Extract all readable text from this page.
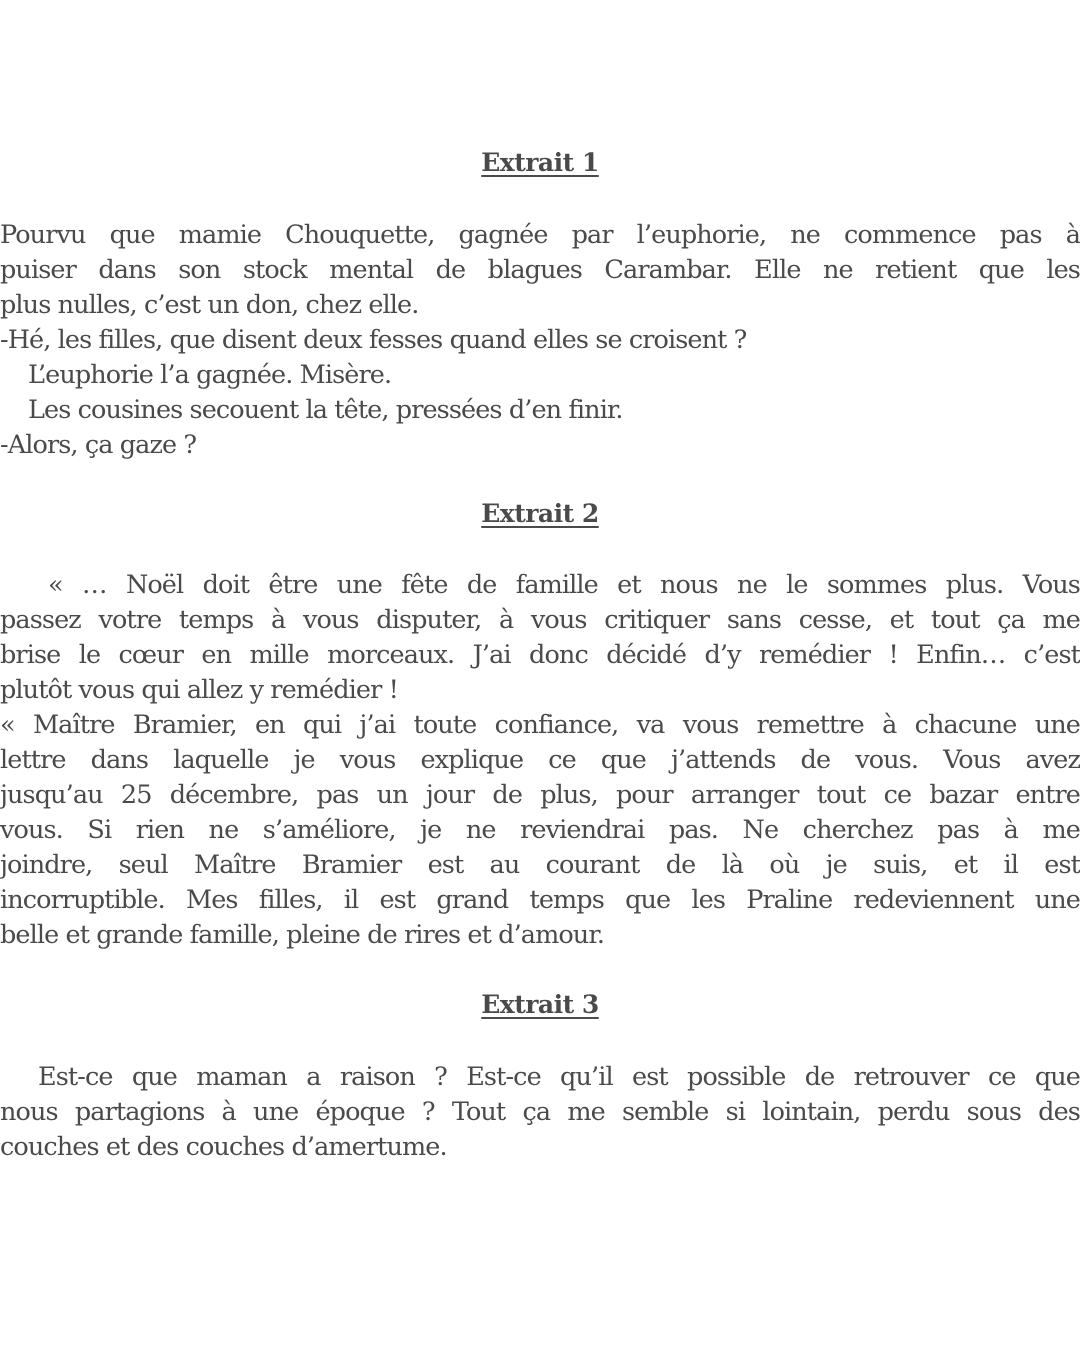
Extrait 1
Pourvu que mamie Chouquette, gagnée par l’euphorie, ne commence pas à
puiser dans son stock mental de blagues Carambar. Elle ne retient que les
plus nulles, c’est un don, chez elle.
-Hé, les filles, que disent deux fesses quand elles se croisent ?
L’euphorie l’a gagnée. Misère.
Les cousines secouent la tête, pressées d’en finir.
-Alors, ça gaze ?
Extrait 2
« … Noël doit être une fête de famille et nous ne le sommes plus. Vous
passez votre temps à vous disputer, à vous critiquer sans cesse, et tout ça me
brise le cœur en mille morceaux. J’ai donc décidé d’y remédier ! Enfin… c’est
plutôt vous qui allez y remédier !
« Maître Bramier, en qui j’ai toute confiance, va vous remettre à chacune une
lettre dans laquelle je vous explique ce que j’attends de vous. Vous avez
jusqu’au 25 décembre, pas un jour de plus, pour arranger tout ce bazar entre
vous. Si rien ne s’améliore, je ne reviendrai pas. Ne cherchez pas à me
joindre, seul Maître Bramier est au courant de là où je suis, et il est
incorruptible. Mes filles, il est grand temps que les Praline redeviennent une
belle et grande famille, pleine de rires et d’amour.
Extrait 3
Est-ce que maman a raison ? Est-ce qu’il est possible de retrouver ce que
nous partagions à une époque ? Tout ça me semble si lointain, perdu sous des
couches et des couches d’amertume.
